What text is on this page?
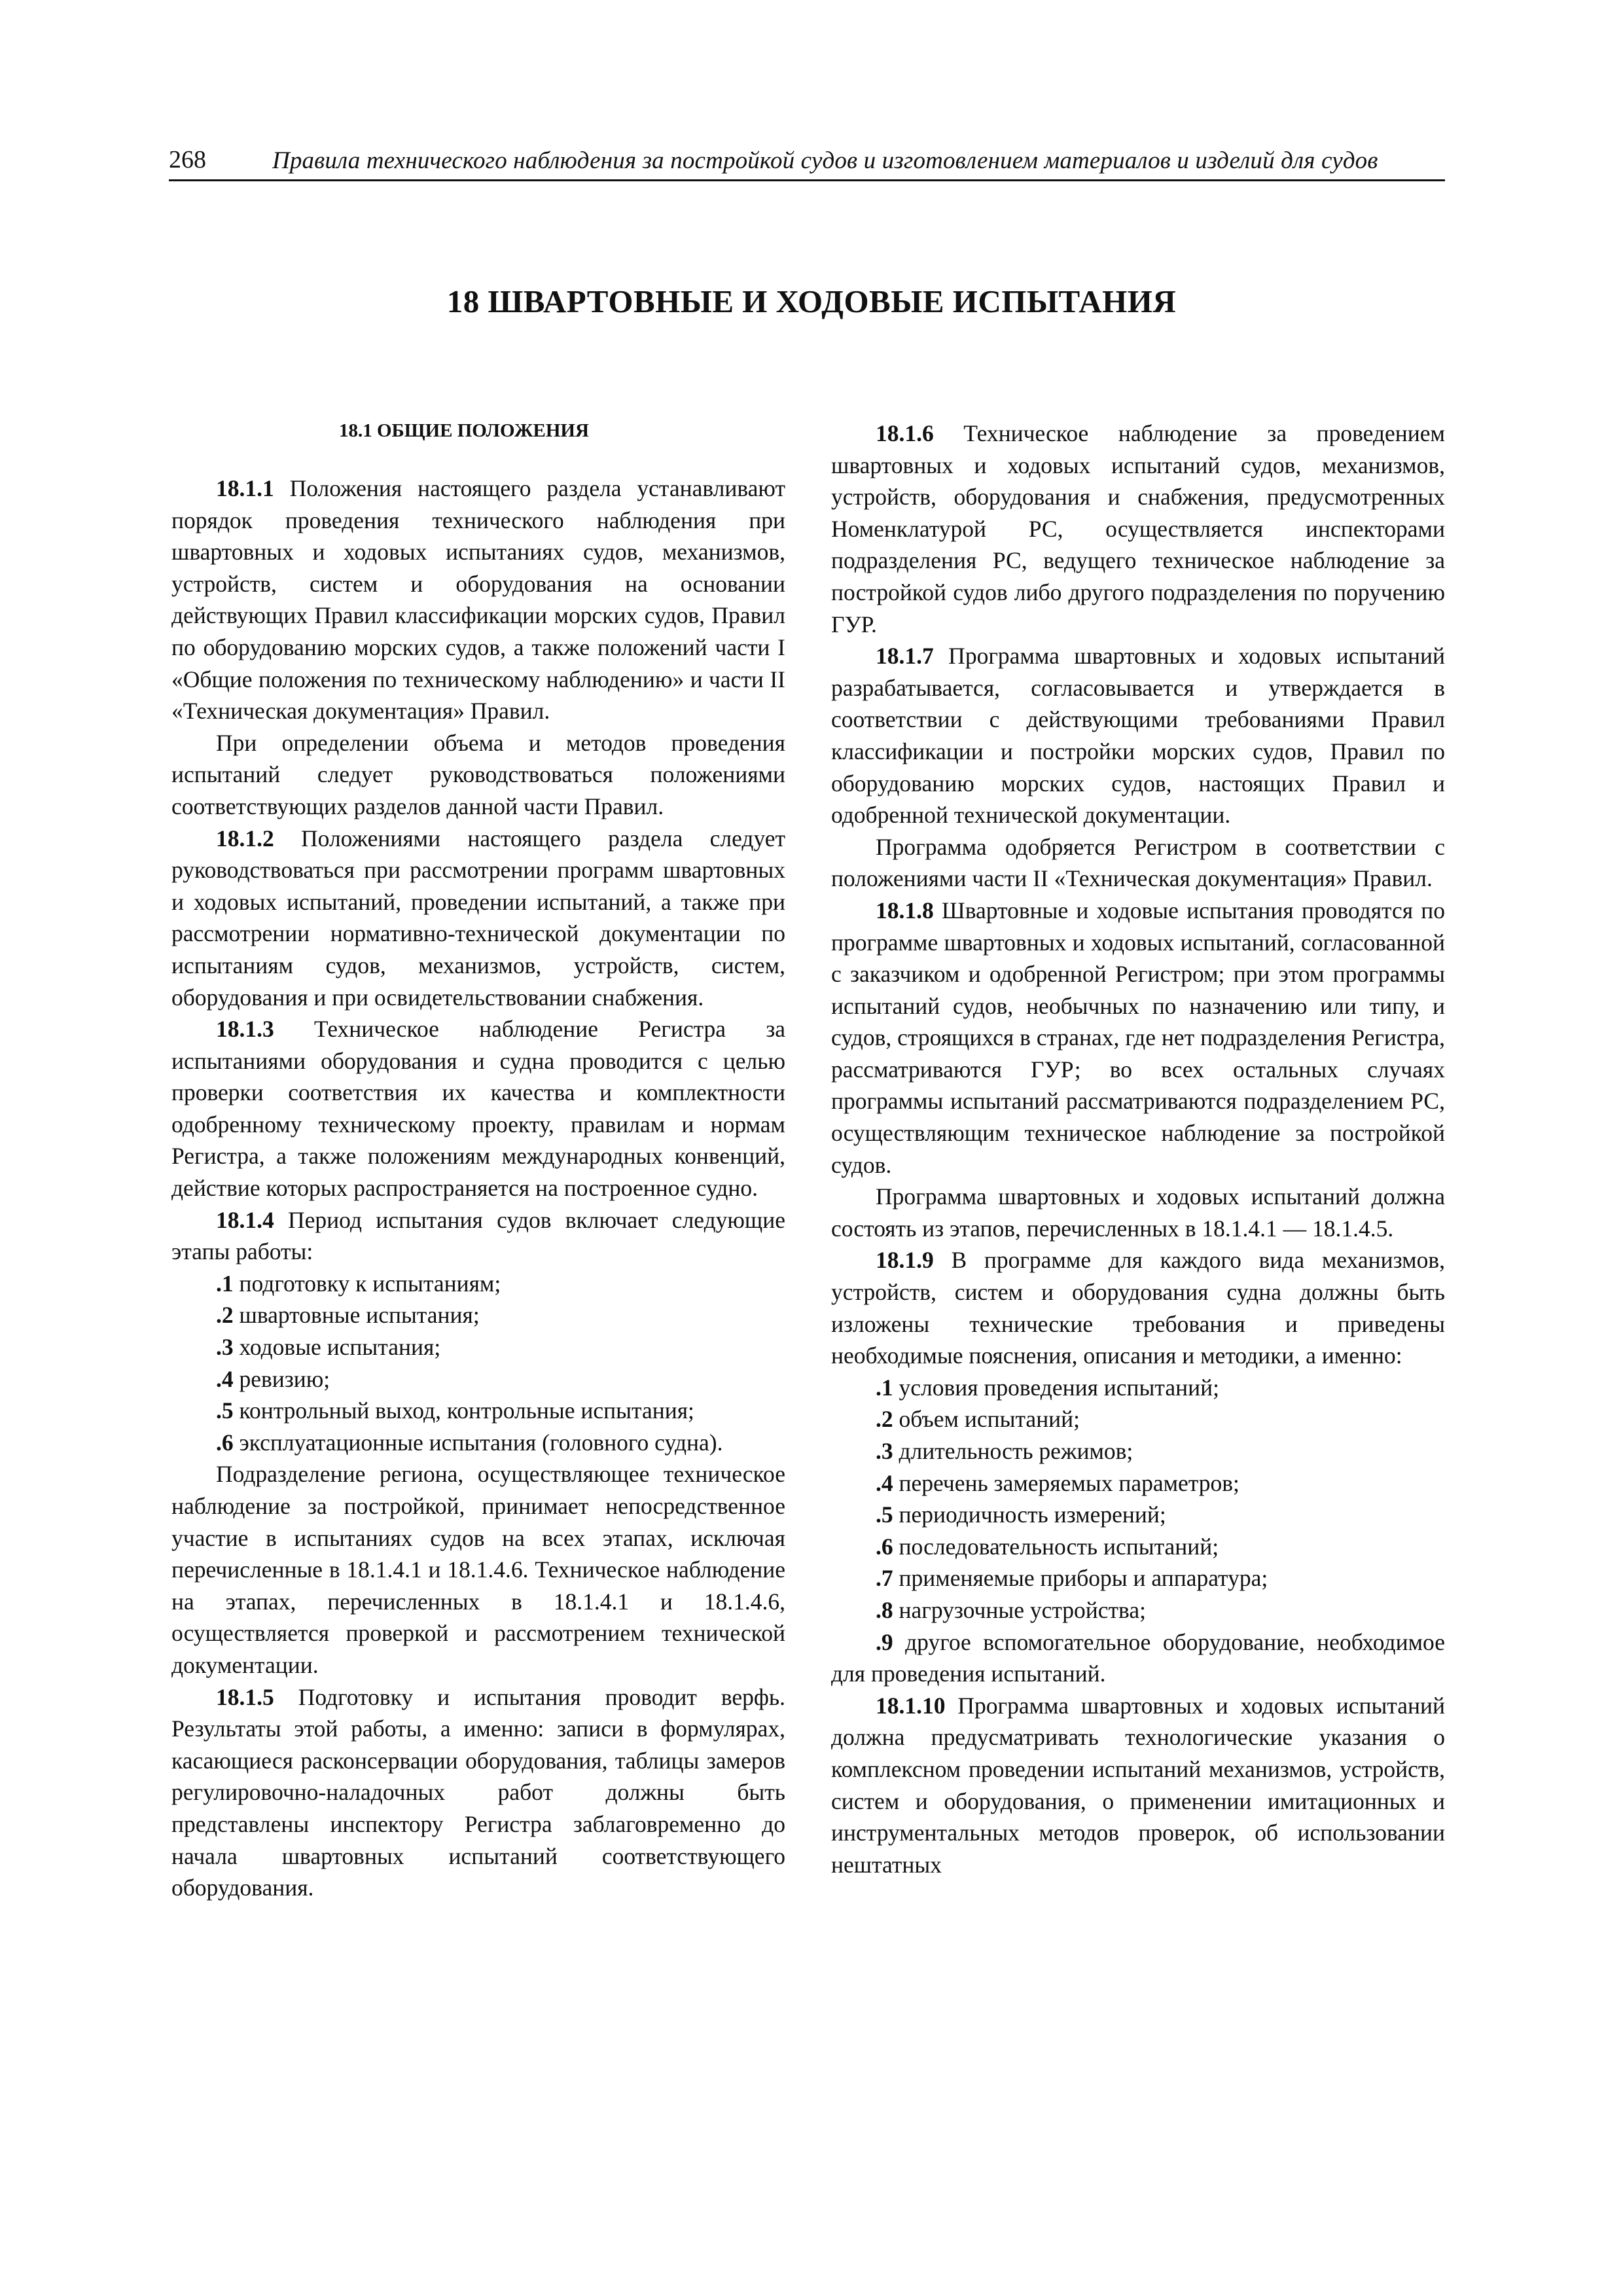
268	Правила технического наблюдения за постройкой судов и изготовлением материалов и изделий для судов
18 ШВАРТОВНЫЕ И ХОДОВЫЕ ИСПЫТАНИЯ

18.1 ОБЩИЕ ПОЛОЖЕНИЯ

18.1.1 Положения настоящего раздела устанавливают порядок проведения технического наблюдения при швартовных и ходовых испытаниях судов, механизмов, устройств, систем и оборудования на основании действующих Правил классификации морских судов, Правил по оборудованию морских судов, а также положений части I «Общие положения по техническому наблюдению» и части II «Техническая документация» Правил.

При определении объема и методов проведения испытаний следует руководствоваться положениями соответствующих разделов данной части Правил.

18.1.2 Положениями настоящего раздела следует руководствоваться при рассмотрении программ швартовных и ходовых испытаний, проведении испытаний, а также при рассмотрении нормативно-технической документации по испытаниям судов, механизмов, устройств, систем, оборудования и при освидетельствовании снабжения.

18.1.3 Техническое наблюдение Регистра за испытаниями оборудования и судна проводится с целью проверки соответствия их качества и комплектности одобренному техническому проекту, правилам и нормам Регистра, а также положениям международных конвенций, действие которых распространяется на построенное судно.

18.1.4 Период испытания судов включает следующие этапы работы:

.1 подготовку к испытаниям;

.2 швартовные испытания;

.3 ходовые испытания;

.4 ревизию;

.5 контрольный выход, контрольные испытания;

.6 эксплуатационные испытания (головного судна).

Подразделение региона, осуществляющее техническое наблюдение за постройкой, принимает непосредственное участие в испытаниях судов на всех этапах, исключая перечисленные в 18.1.4.1 и 18.1.4.6. Техническое наблюдение на этапах, перечисленных в 18.1.4.1 и 18.1.4.6, осуществляется проверкой и рассмотрением технической документации.

18.1.5 Подготовку и испытания проводит верфь. Результаты этой работы, а именно: записи в формулярах, касающиеся расконсервации оборудования, таблицы замеров регулировочно-наладочных работ должны быть представлены инспектору Регистра заблаговременно до начала швартовных испытаний соответствующего оборудования.

18.1.6 Техническое наблюдение за проведением швартовных и ходовых испытаний судов, механизмов, устройств, оборудования и снабжения, предусмотренных Номенклатурой РС, осуществляется инспекторами подразделения РС, ведущего техническое наблюдение за постройкой судов либо другого подразделения по поручению ГУР.

18.1.7 Программа швартовных и ходовых испытаний разрабатывается, согласовывается и утверждается в соответствии с действующими требованиями Правил классификации и постройки морских судов, Правил по оборудованию морских судов, настоящих Правил и одобренной технической документации.

Программа одобряется Регистром в соответствии с положениями части II «Техническая документация» Правил.

18.1.8 Швартовные и ходовые испытания проводятся по программе швартовных и ходовых испытаний, согласованной с заказчиком и одобренной Регистром; при этом программы испытаний судов, необычных по назначению или типу, и судов, строящихся в странах, где нет подразделения Регистра, рассматриваются ГУР; во всех остальных случаях программы испытаний рассматриваются подразделением РС, осуществляющим техническое наблюдение за постройкой судов.

Программа швартовных и ходовых испытаний должна состоять из этапов, перечисленных в 18.1.4.1 — 18.1.4.5.

18.1.9 В программе для каждого вида механизмов, устройств, систем и оборудования судна должны быть изложены технические требования и приведены необходимые пояснения, описания и методики, а именно:

.1 условия проведения испытаний;

.2 объем испытаний;

.3 длительность режимов;

.4 перечень замеряемых параметров;

.5 периодичность измерений;

.6 последовательность испытаний;

.7 применяемые приборы и аппаратура;

.8 нагрузочные устройства;

.9 другое вспомогательное оборудование, необходимое для проведения испытаний.

18.1.10 Программа швартовных и ходовых испытаний должна предусматривать технологические указания о комплексном проведении испытаний механизмов, устройств, систем и оборудования, о применении имитационных и инструментальных методов проверок, об использовании нештатных
